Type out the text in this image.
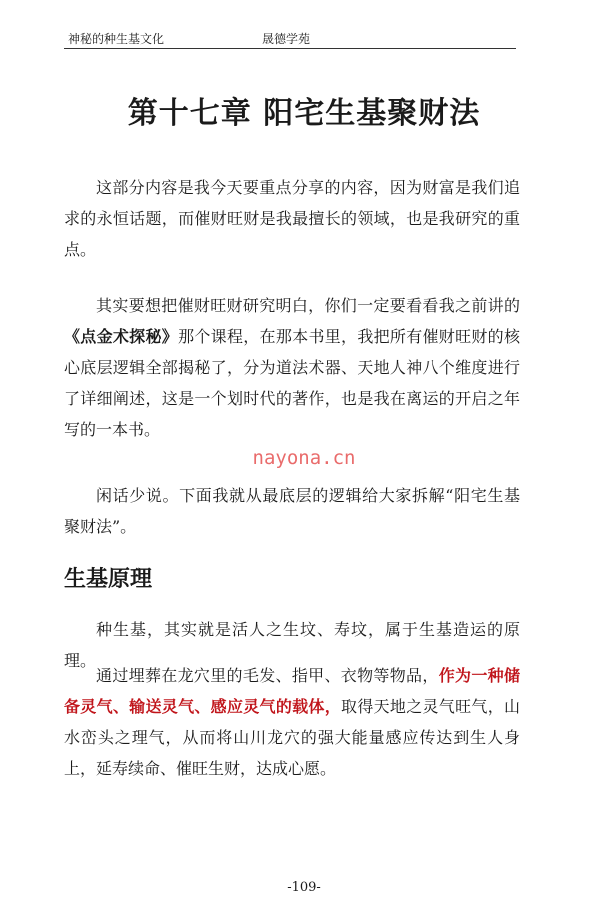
神秘的种生基文化	晟德学苑
第十七章 阳宅生基聚财法

这部分内容是我今天要重点分享的内容，因为财富是我们追求的永恒话题，而催财旺财是我最擅长的领域，也是我研究的重点。

其实要想把催财旺财研究明白，你们一定要看看我之前讲的《点金术探秘》那个课程，在那本书里，我把所有催财旺财的核心底层逻辑全部揭秘了，分为道法术器、天地人神八个维度进行了详细阐述，这是一个划时代的著作，也是我在离运的开启之年写的一本书。

nayona.cn

闲话少说。下面我就从最底层的逻辑给大家拆解“阳宅生基聚财法”。

生基原理

种生基，其实就是活人之生坟、寿坟，属于生基造运的原理。

通过埋葬在龙穴里的毛发、指甲、衣物等物品，作为一种储备灵气、输送灵气、感应灵气的载体，取得天地之灵气旺气，山水峦头之理气，从而将山川龙穴的强大能量感应传达到生人身上，延寿续命、催旺生财，达成心愿。

-109-
